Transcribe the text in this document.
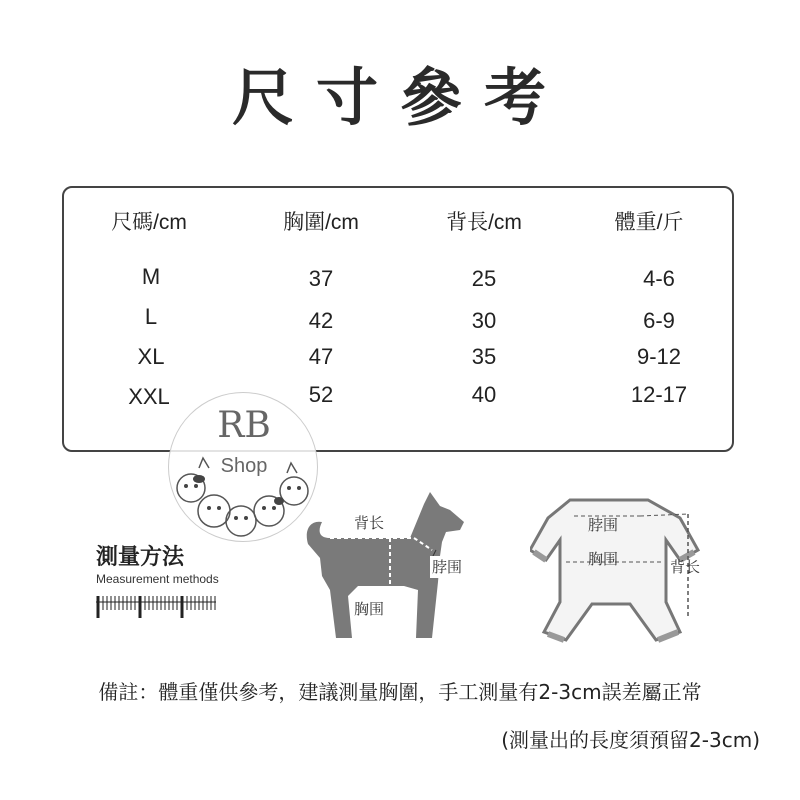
尺寸參考
尺碼/cm	胸圍/cm	背長/cm	體重/斤
M	37	25	4-6
L	42	30	6-9
XL	47	35	9-12
XXL	52	40	12-17
RB
Shop
測量方法
Measurement methods
背长
脖围
胸围
脖围
胸围	背长
備註：體重僅供參考，建議測量胸圍，手工測量有2-3cm誤差屬正常
(測量出的長度須預留2-3cm)
